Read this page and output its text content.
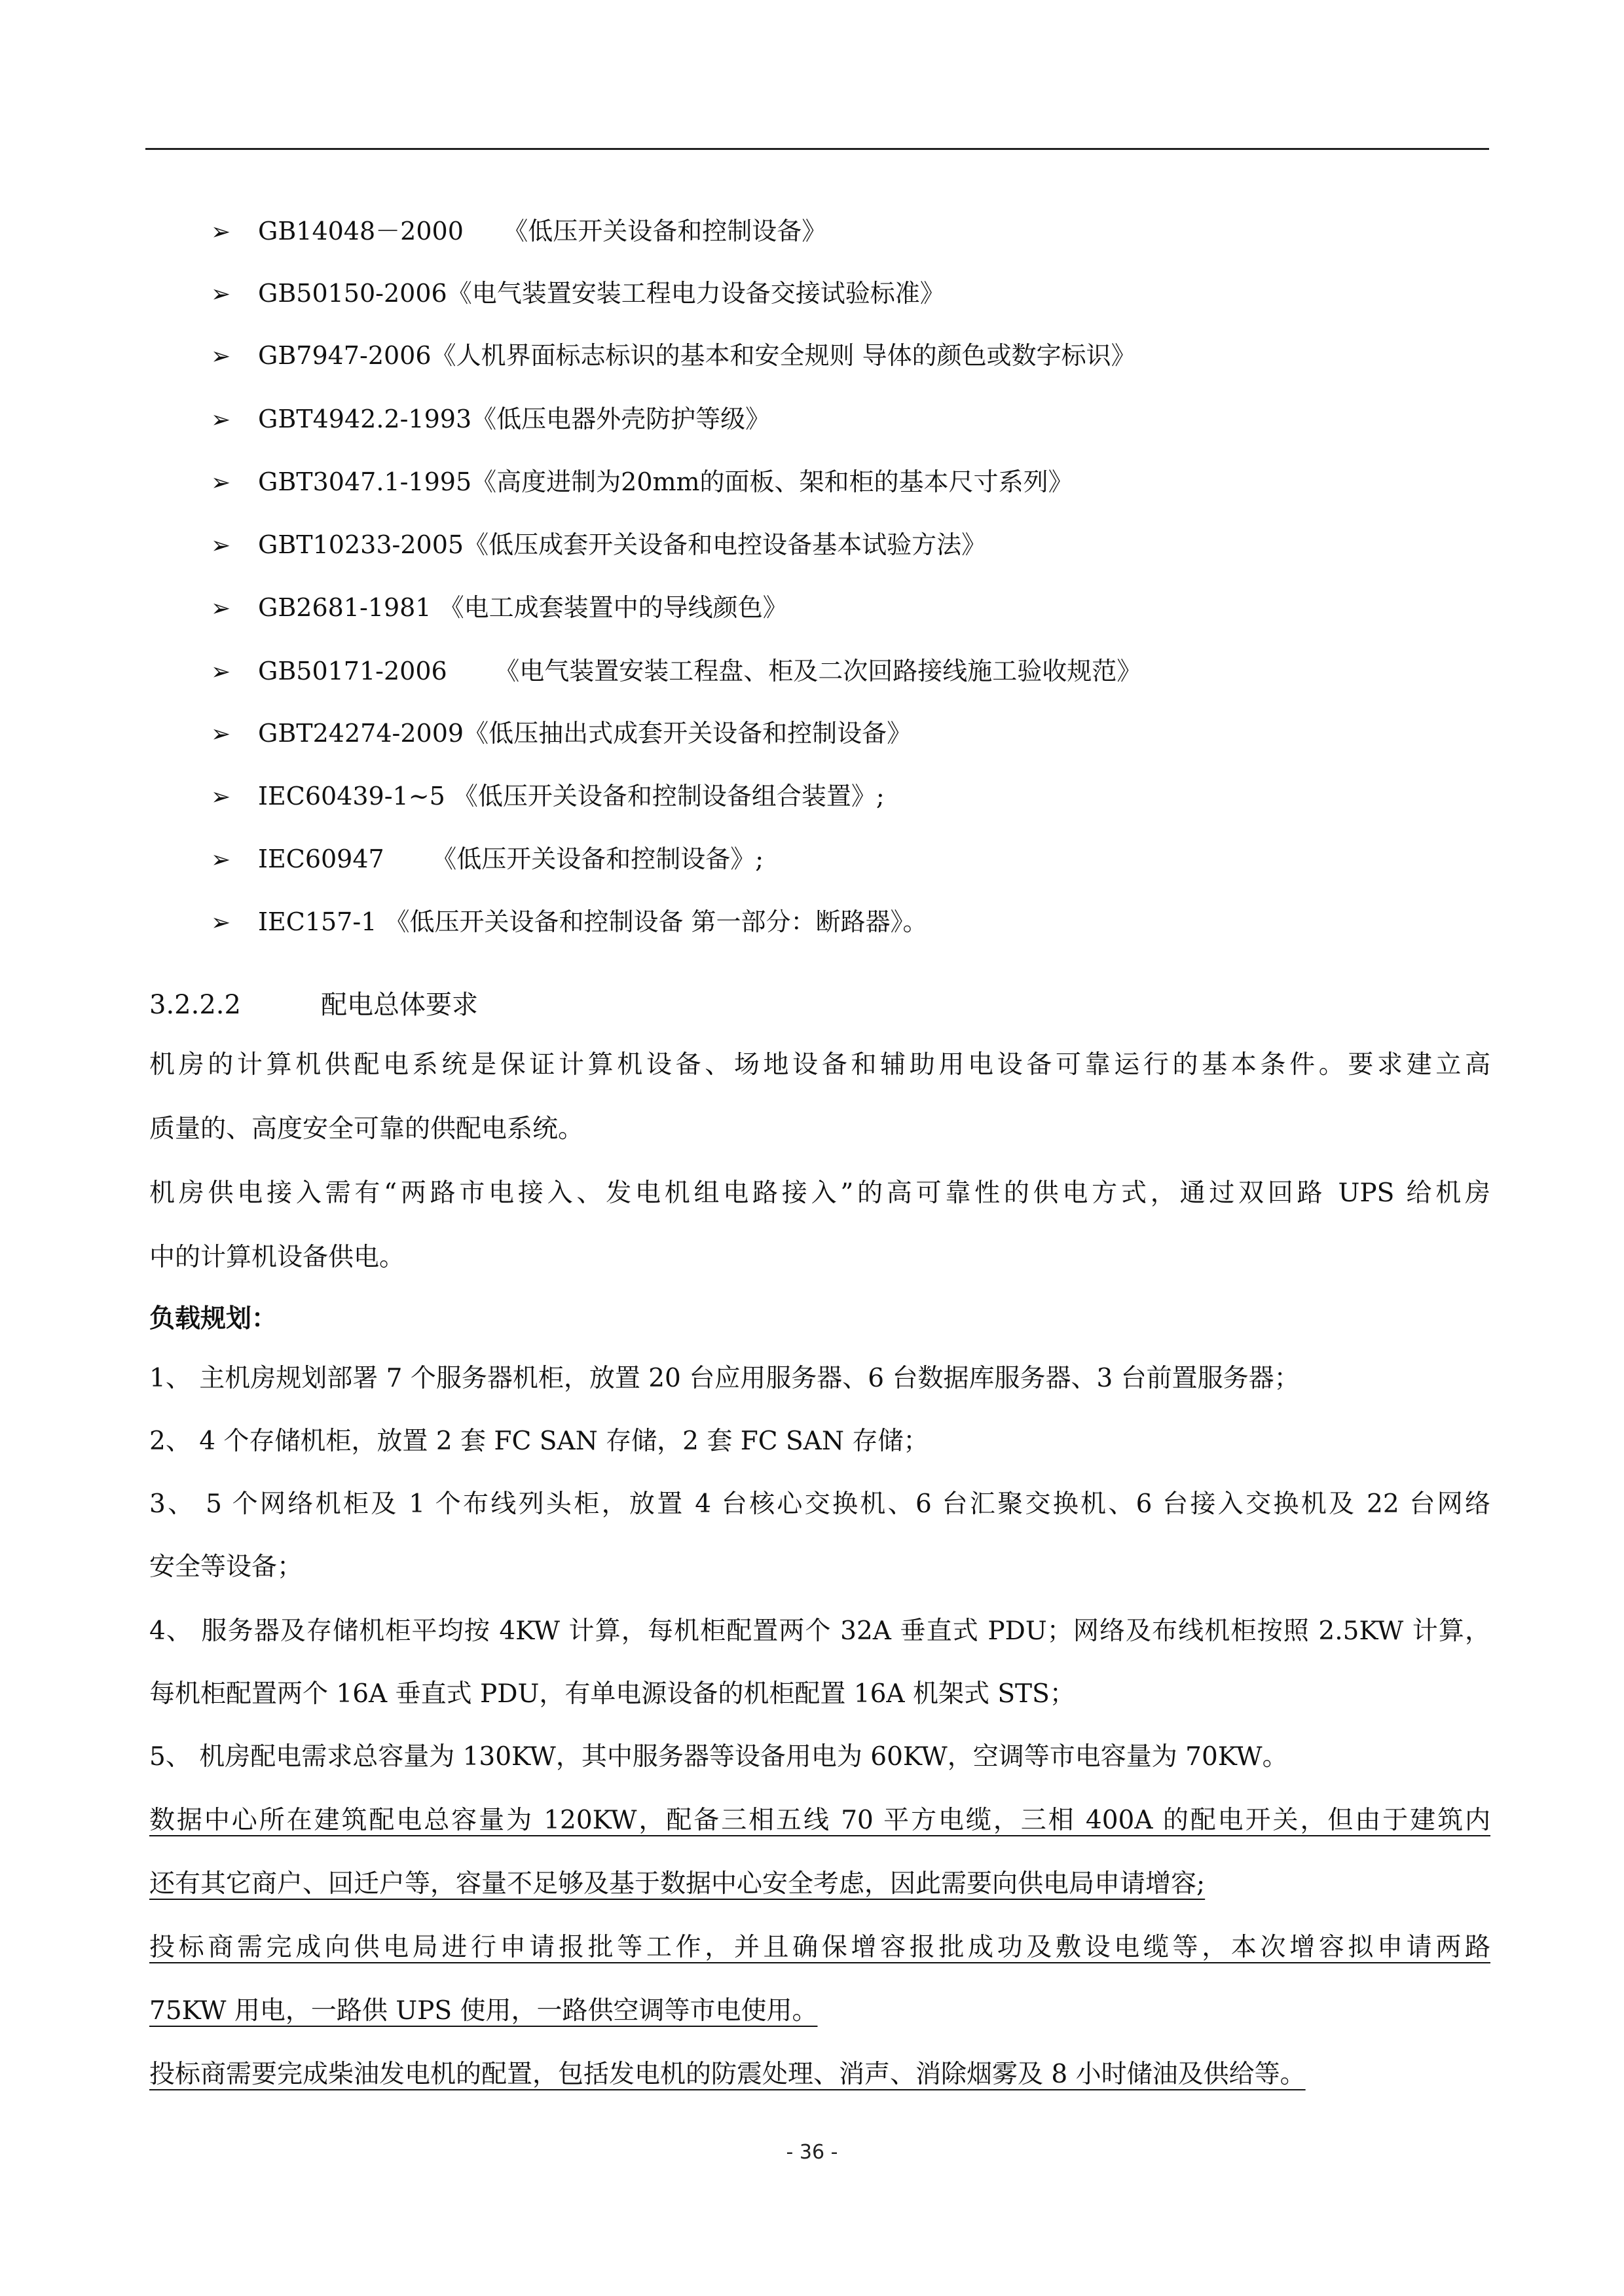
➢ GB14048－2000 《低压开关设备和控制设备》
➢ GB50150-2006《电气装置安装工程电力设备交接试验标准》
➢ GB7947-2006《人机界面标志标识的基本和安全规则 导体的颜色或数字标识》
➢ GBT4942.2-1993《低压电器外壳防护等级》
➢ GBT3047.1-1995《高度进制为20mm的面板、架和柜的基本尺寸系列》
➢ GBT10233-2005《低压成套开关设备和电控设备基本试验方法》
➢ GB2681-1981 《电工成套装置中的导线颜色》
➢ GB50171-2006 《电气装置安装工程盘、柜及二次回路接线施工验收规范》
➢ GBT24274-2009《低压抽出式成套开关设备和控制设备》
➢ IEC60439-1~5 《低压开关设备和控制设备组合装置》;
➢ IEC60947 《低压开关设备和控制设备》;
➢ IEC157-1 《低压开关设备和控制设备 第一部分：断路器》。
3.2.2.2	配电总体要求
机房的计算机供配电系统是保证计算机设备、场地设备和辅助用电设备可靠运行的基本条件。要求建立高
质量的、高度安全可靠的供配电系统。
机房供电接入需有“两路市电接入、发电机组电路接入”的高可靠性的供电方式，通过双回路 UPS 给机房
中的计算机设备供电。
负载规划：
1、 主机房规划部署 7 个服务器机柜，放置 20 台应用服务器、6 台数据库服务器、3 台前置服务器；
2、 4 个存储机柜，放置 2 套 FC SAN 存储，2 套 FC SAN 存储；
3、 5 个网络机柜及 1 个布线列头柜，放置 4 台核心交换机、6 台汇聚交换机、6 台接入交换机及 22 台网络
安全等设备；
4、 服务器及存储机柜平均按 4KW 计算，每机柜配置两个 32A 垂直式 PDU；网络及布线机柜按照 2.5KW 计算，
每机柜配置两个 16A 垂直式 PDU，有单电源设备的机柜配置 16A 机架式 STS；
5、 机房配电需求总容量为 130KW，其中服务器等设备用电为 60KW，空调等市电容量为 70KW。
数据中心所在建筑配电总容量为 120KW，配备三相五线 70 平方电缆，三相 400A 的配电开关，但由于建筑内
还有其它商户、回迁户等，容量不足够及基于数据中心安全考虑，因此需要向供电局申请增容;
投标商需完成向供电局进行申请报批等工作，并且确保增容报批成功及敷设电缆等，本次增容拟申请两路
75KW 用电，一路供 UPS 使用，一路供空调等市电使用。
投标商需要完成柴油发电机的配置，包括发电机的防震处理、消声、消除烟雾及 8 小时储油及供给等。
- 36 -
